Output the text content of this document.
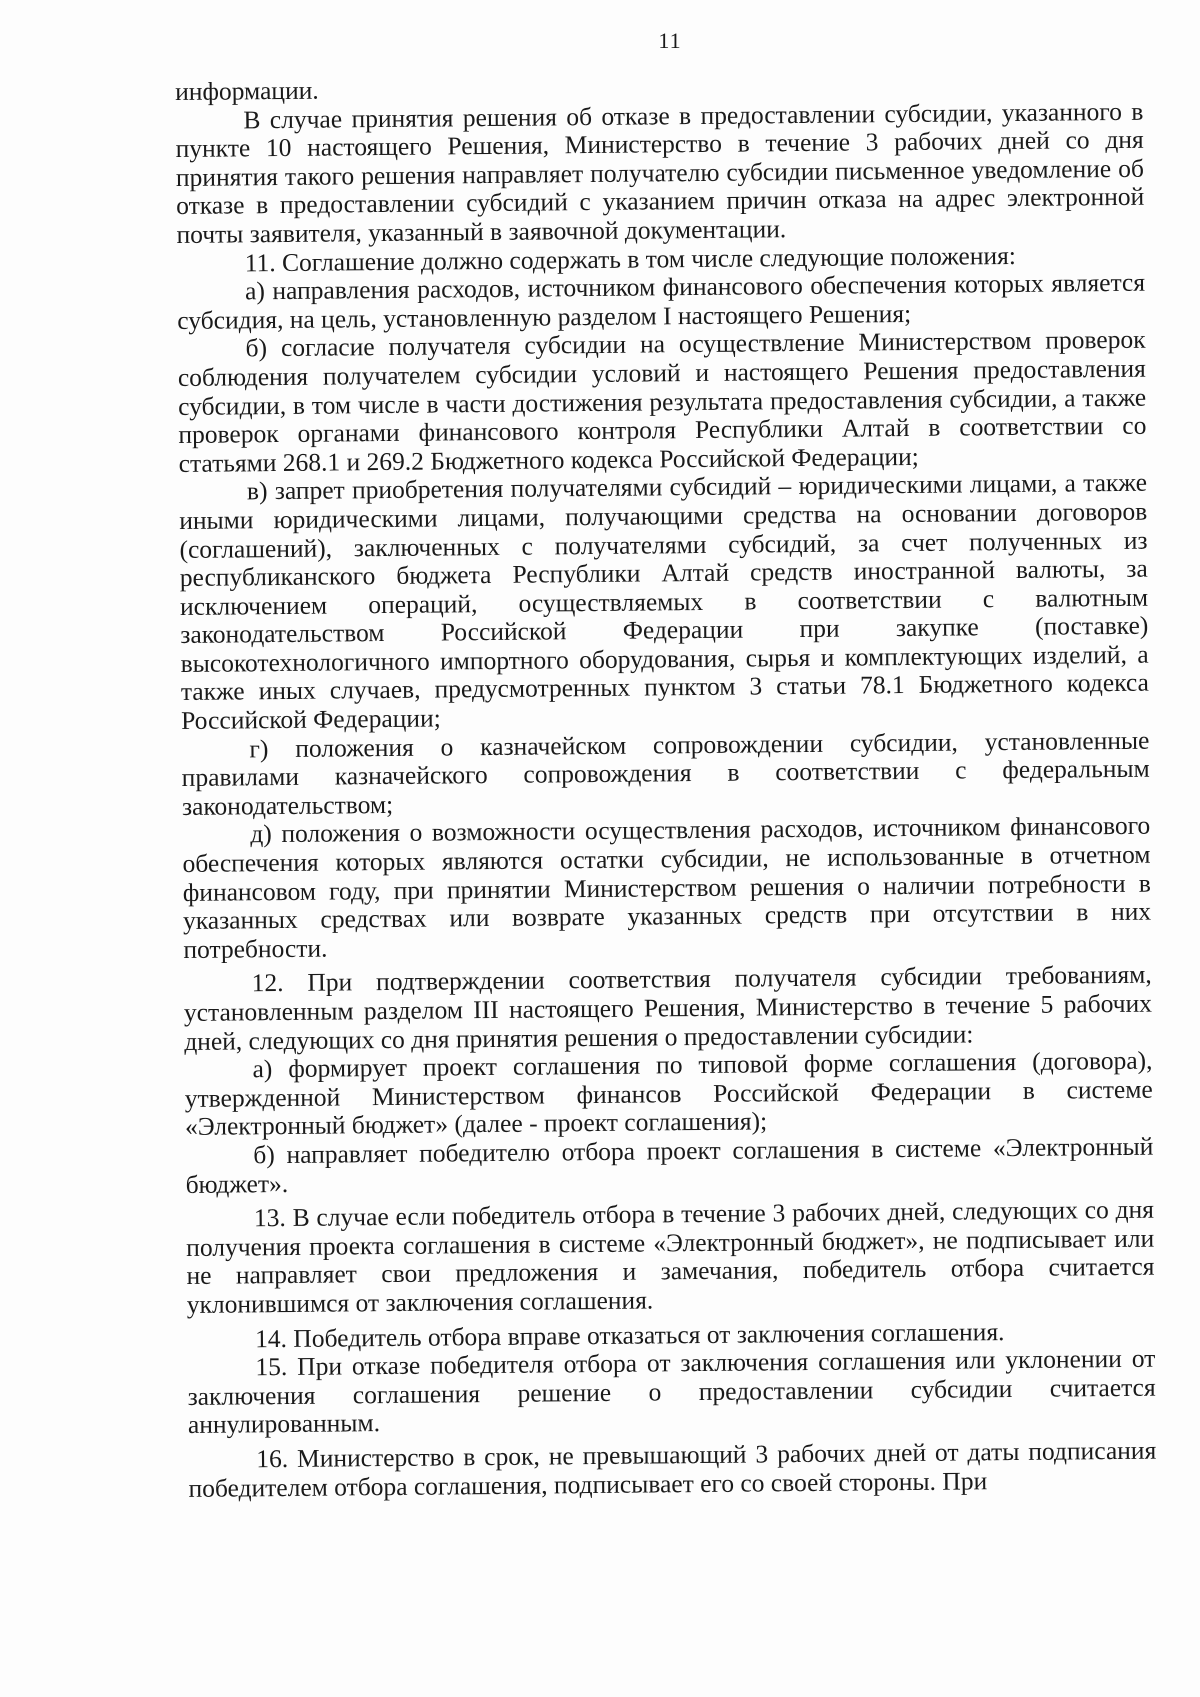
11

информации.

В случае принятия решения об отказе в предоставлении субсидии, указанного в пункте 10 настоящего Решения, Министерство в течение 3 рабочих дней со дня принятия такого решения направляет получателю субсидии письменное уведомление об отказе в предоставлении субсидий с указанием причин отказа на адрес электронной почты заявителя, указанный в заявочной документации.

11. Соглашение должно содержать в том числе следующие положения:

а) направления расходов, источником финансового обеспечения которых является субсидия, на цель, установленную разделом I настоящего Решения;

б) согласие получателя субсидии на осуществление Министерством проверок соблюдения получателем субсидии условий и настоящего Решения предоставления субсидии, в том числе в части достижения результата предоставления субсидии, а также проверок органами финансового контроля Республики Алтай в соответствии со статьями 268.1 и 269.2 Бюджетного кодекса Российской Федерации;

в) запрет приобретения получателями субсидий – юридическими лицами, а также иными юридическими лицами, получающими средства на основании договоров (соглашений), заключенных с получателями субсидий, за счет полученных из республиканского бюджета Республики Алтай средств иностранной валюты, за исключением операций, осуществляемых в соответствии с валютным законодательством Российской Федерации при закупке (поставке) высокотехнологичного импортного оборудования, сырья и комплектующих изделий, а также иных случаев, предусмотренных пунктом 3 статьи 78.1 Бюджетного кодекса Российской Федерации;

г) положения о казначейском сопровождении субсидии, установленные правилами казначейского сопровождения в соответствии с федеральным законодательством;

д) положения о возможности осуществления расходов, источником финансового обеспечения которых являются остатки субсидии, не использованные в отчетном финансовом году, при принятии Министерством решения о наличии потребности в указанных средствах или возврате указанных средств при отсутствии в них потребности.

12. При подтверждении соответствия получателя субсидии требованиям, установленным разделом III настоящего Решения, Министерство в течение 5 рабочих дней, следующих со дня принятия решения о предоставлении субсидии:

а) формирует проект соглашения по типовой форме соглашения (договора), утвержденной Министерством финансов Российской Федерации в системе «Электронный бюджет» (далее - проект соглашения);

б) направляет победителю отбора проект соглашения в системе «Электронный бюджет».

13. В случае если победитель отбора в течение 3 рабочих дней, следующих со дня получения проекта соглашения в системе «Электронный бюджет», не подписывает или не направляет свои предложения и замечания, победитель отбора считается уклонившимся от заключения соглашения.

14. Победитель отбора вправе отказаться от заключения соглашения.

15. При отказе победителя отбора от заключения соглашения или уклонении от заключения соглашения решение о предоставлении субсидии считается аннулированным.

16. Министерство в срок, не превышающий 3 рабочих дней от даты подписания победителем отбора соглашения, подписывает его со своей стороны. При
